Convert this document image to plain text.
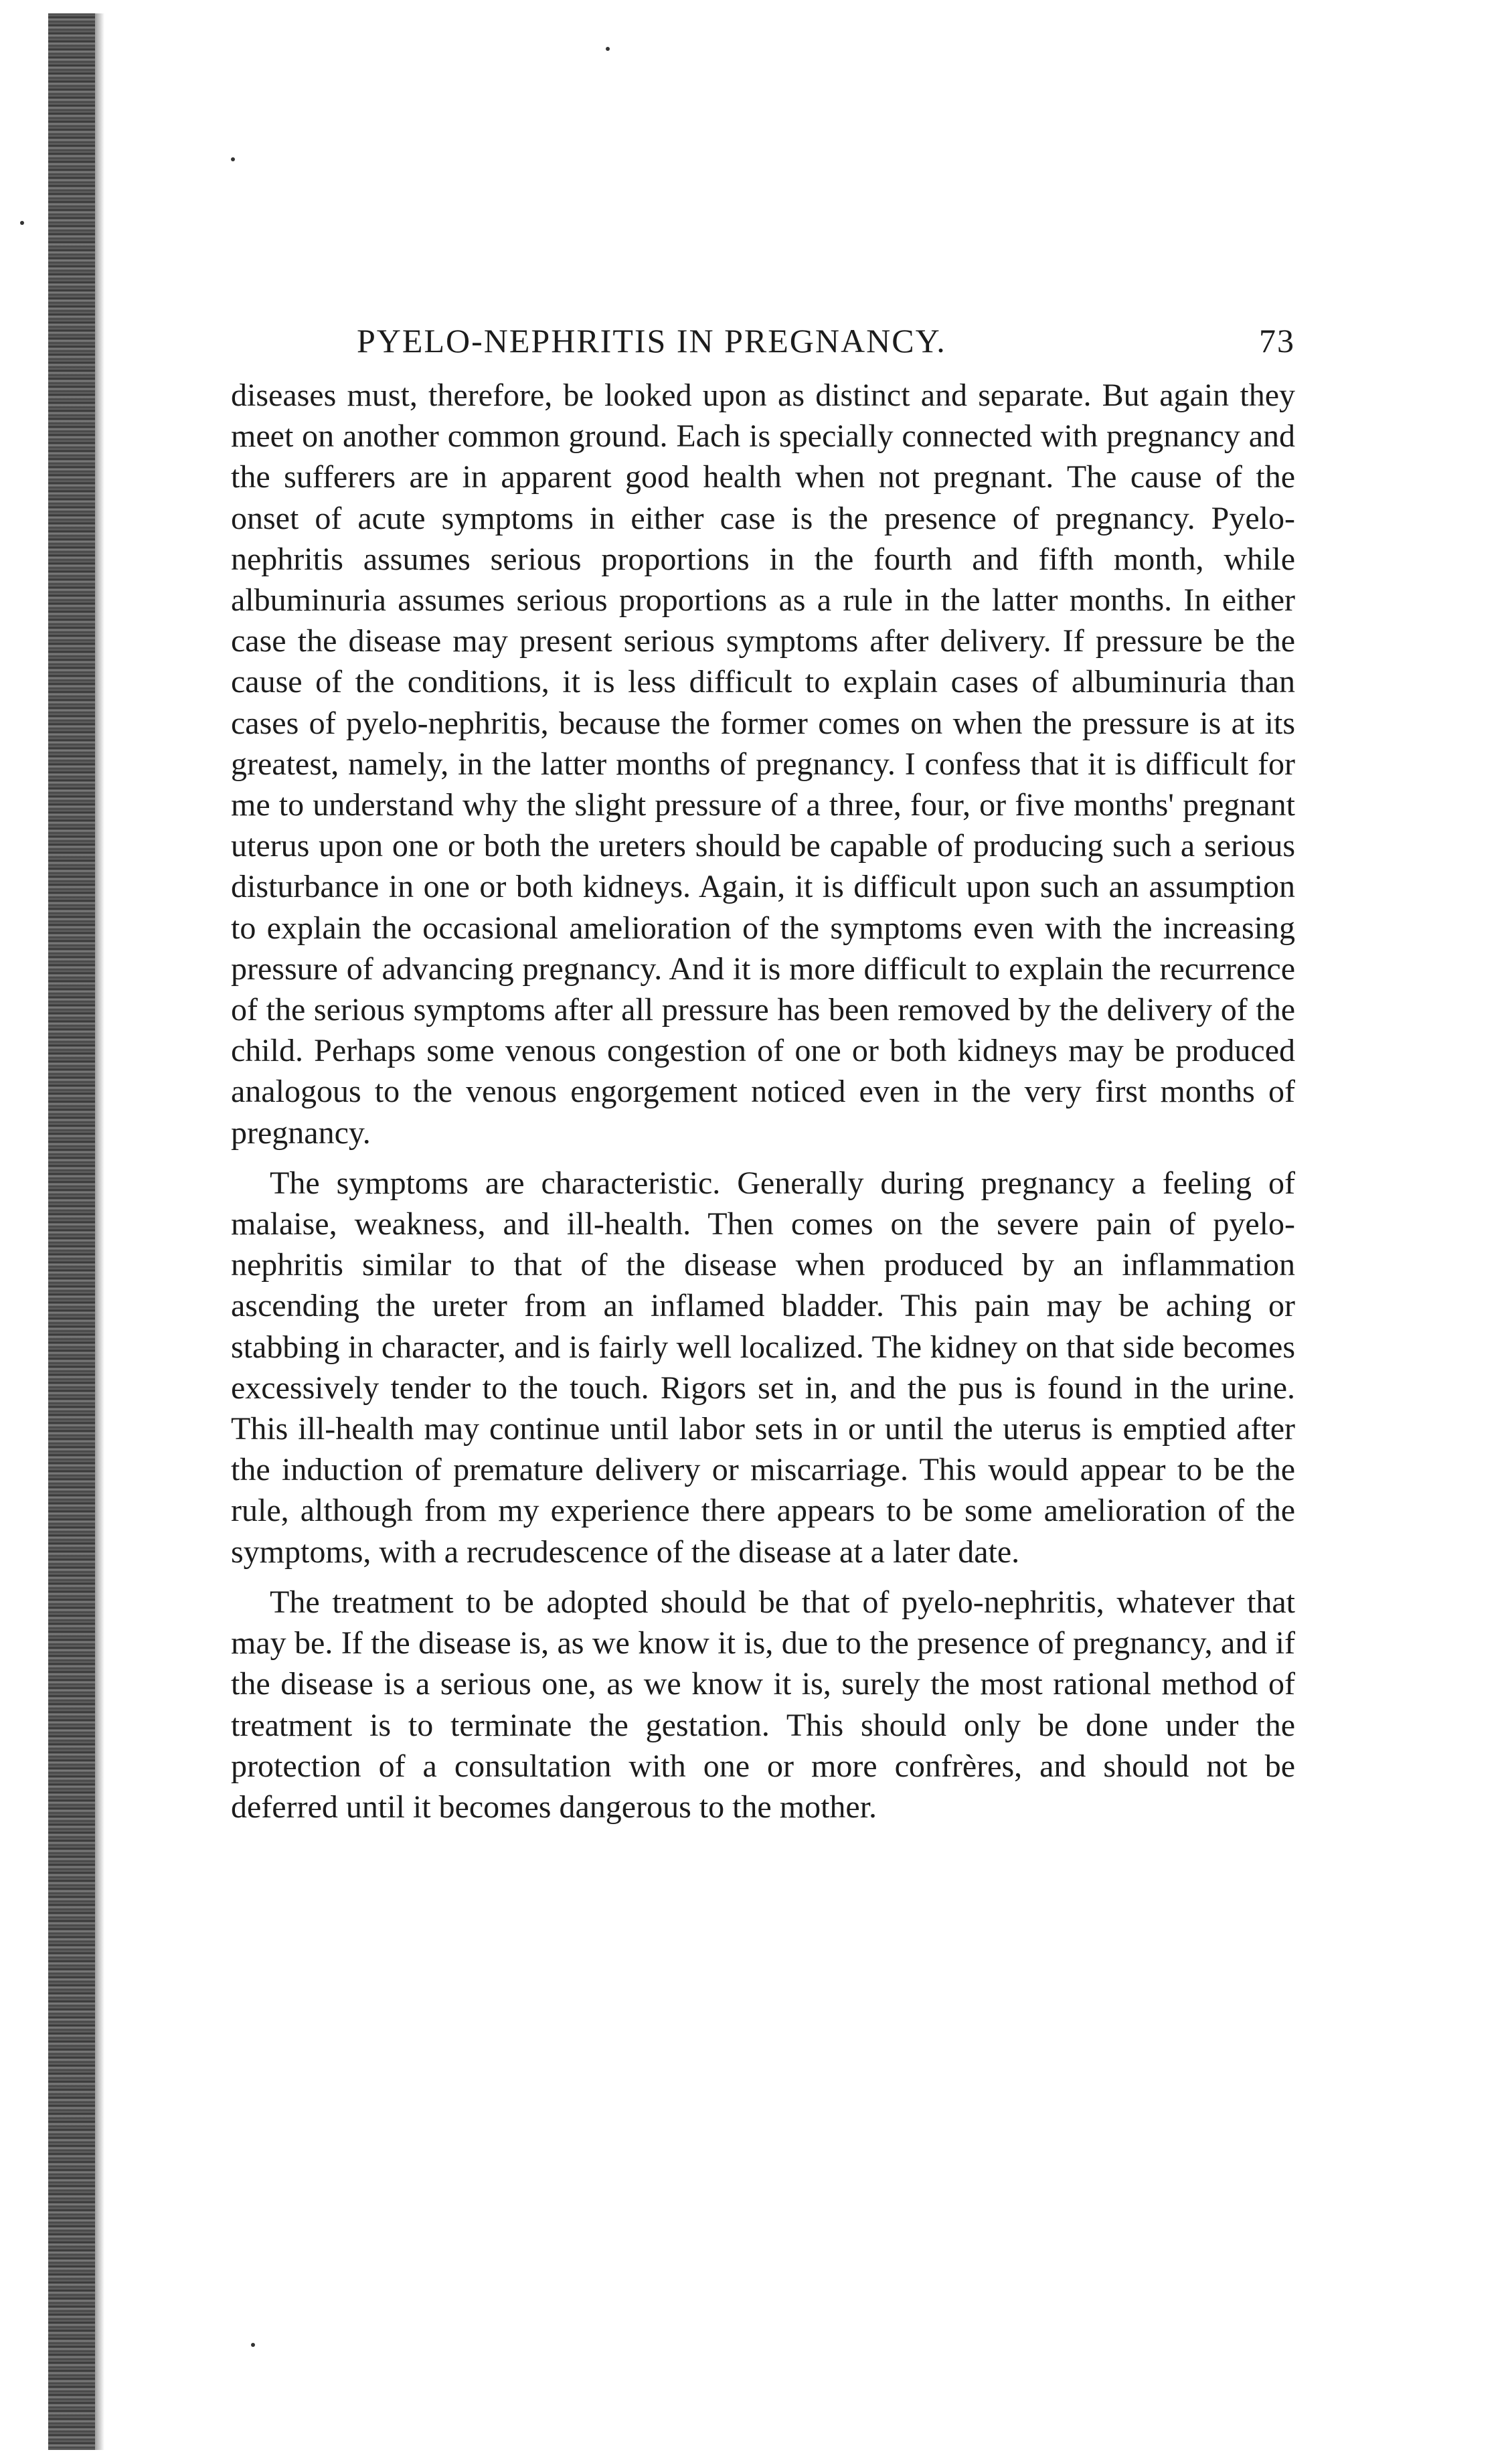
PYELO-NEPHRITIS IN PREGNANCY.	73

diseases must, therefore, be looked upon as distinct and separate. But again they meet on another common ground. Each is specially connected with pregnancy and the sufferers are in apparent good health when not pregnant. The cause of the onset of acute symptoms in either case is the presence of pregnancy. Pyelo-nephritis assumes serious proportions in the fourth and fifth month, while albuminuria assumes serious proportions as a rule in the latter months. In either case the disease may present serious symptoms after delivery. If pressure be the cause of the conditions, it is less difficult to explain cases of albuminuria than cases of pyelo-nephritis, because the former comes on when the pressure is at its greatest, namely, in the latter months of pregnancy. I confess that it is difficult for me to understand why the slight pressure of a three, four, or five months' pregnant uterus upon one or both the ureters should be capable of producing such a serious disturbance in one or both kidneys. Again, it is difficult upon such an assumption to explain the occasional amelioration of the symptoms even with the increasing pressure of advancing pregnancy. And it is more difficult to explain the recurrence of the serious symptoms after all pressure has been removed by the delivery of the child. Perhaps some venous congestion of one or both kidneys may be produced analogous to the venous engorgement noticed even in the very first months of pregnancy.

The symptoms are characteristic. Generally during pregnancy a feeling of malaise, weakness, and ill-health. Then comes on the severe pain of pyelo-nephritis similar to that of the disease when produced by an inflammation ascending the ureter from an inflamed bladder. This pain may be aching or stabbing in character, and is fairly well localized. The kidney on that side becomes excessively tender to the touch. Rigors set in, and the pus is found in the urine. This ill-health may continue until labor sets in or until the uterus is emptied after the induction of premature delivery or miscarriage. This would appear to be the rule, although from my experience there appears to be some amelioration of the symptoms, with a recrudescence of the disease at a later date.

The treatment to be adopted should be that of pyelo-nephritis, whatever that may be. If the disease is, as we know it is, due to the presence of pregnancy, and if the disease is a serious one, as we know it is, surely the most rational method of treatment is to terminate the gestation. This should only be done under the protection of a consultation with one or more confrères, and should not be deferred until it becomes dangerous to the mother.
